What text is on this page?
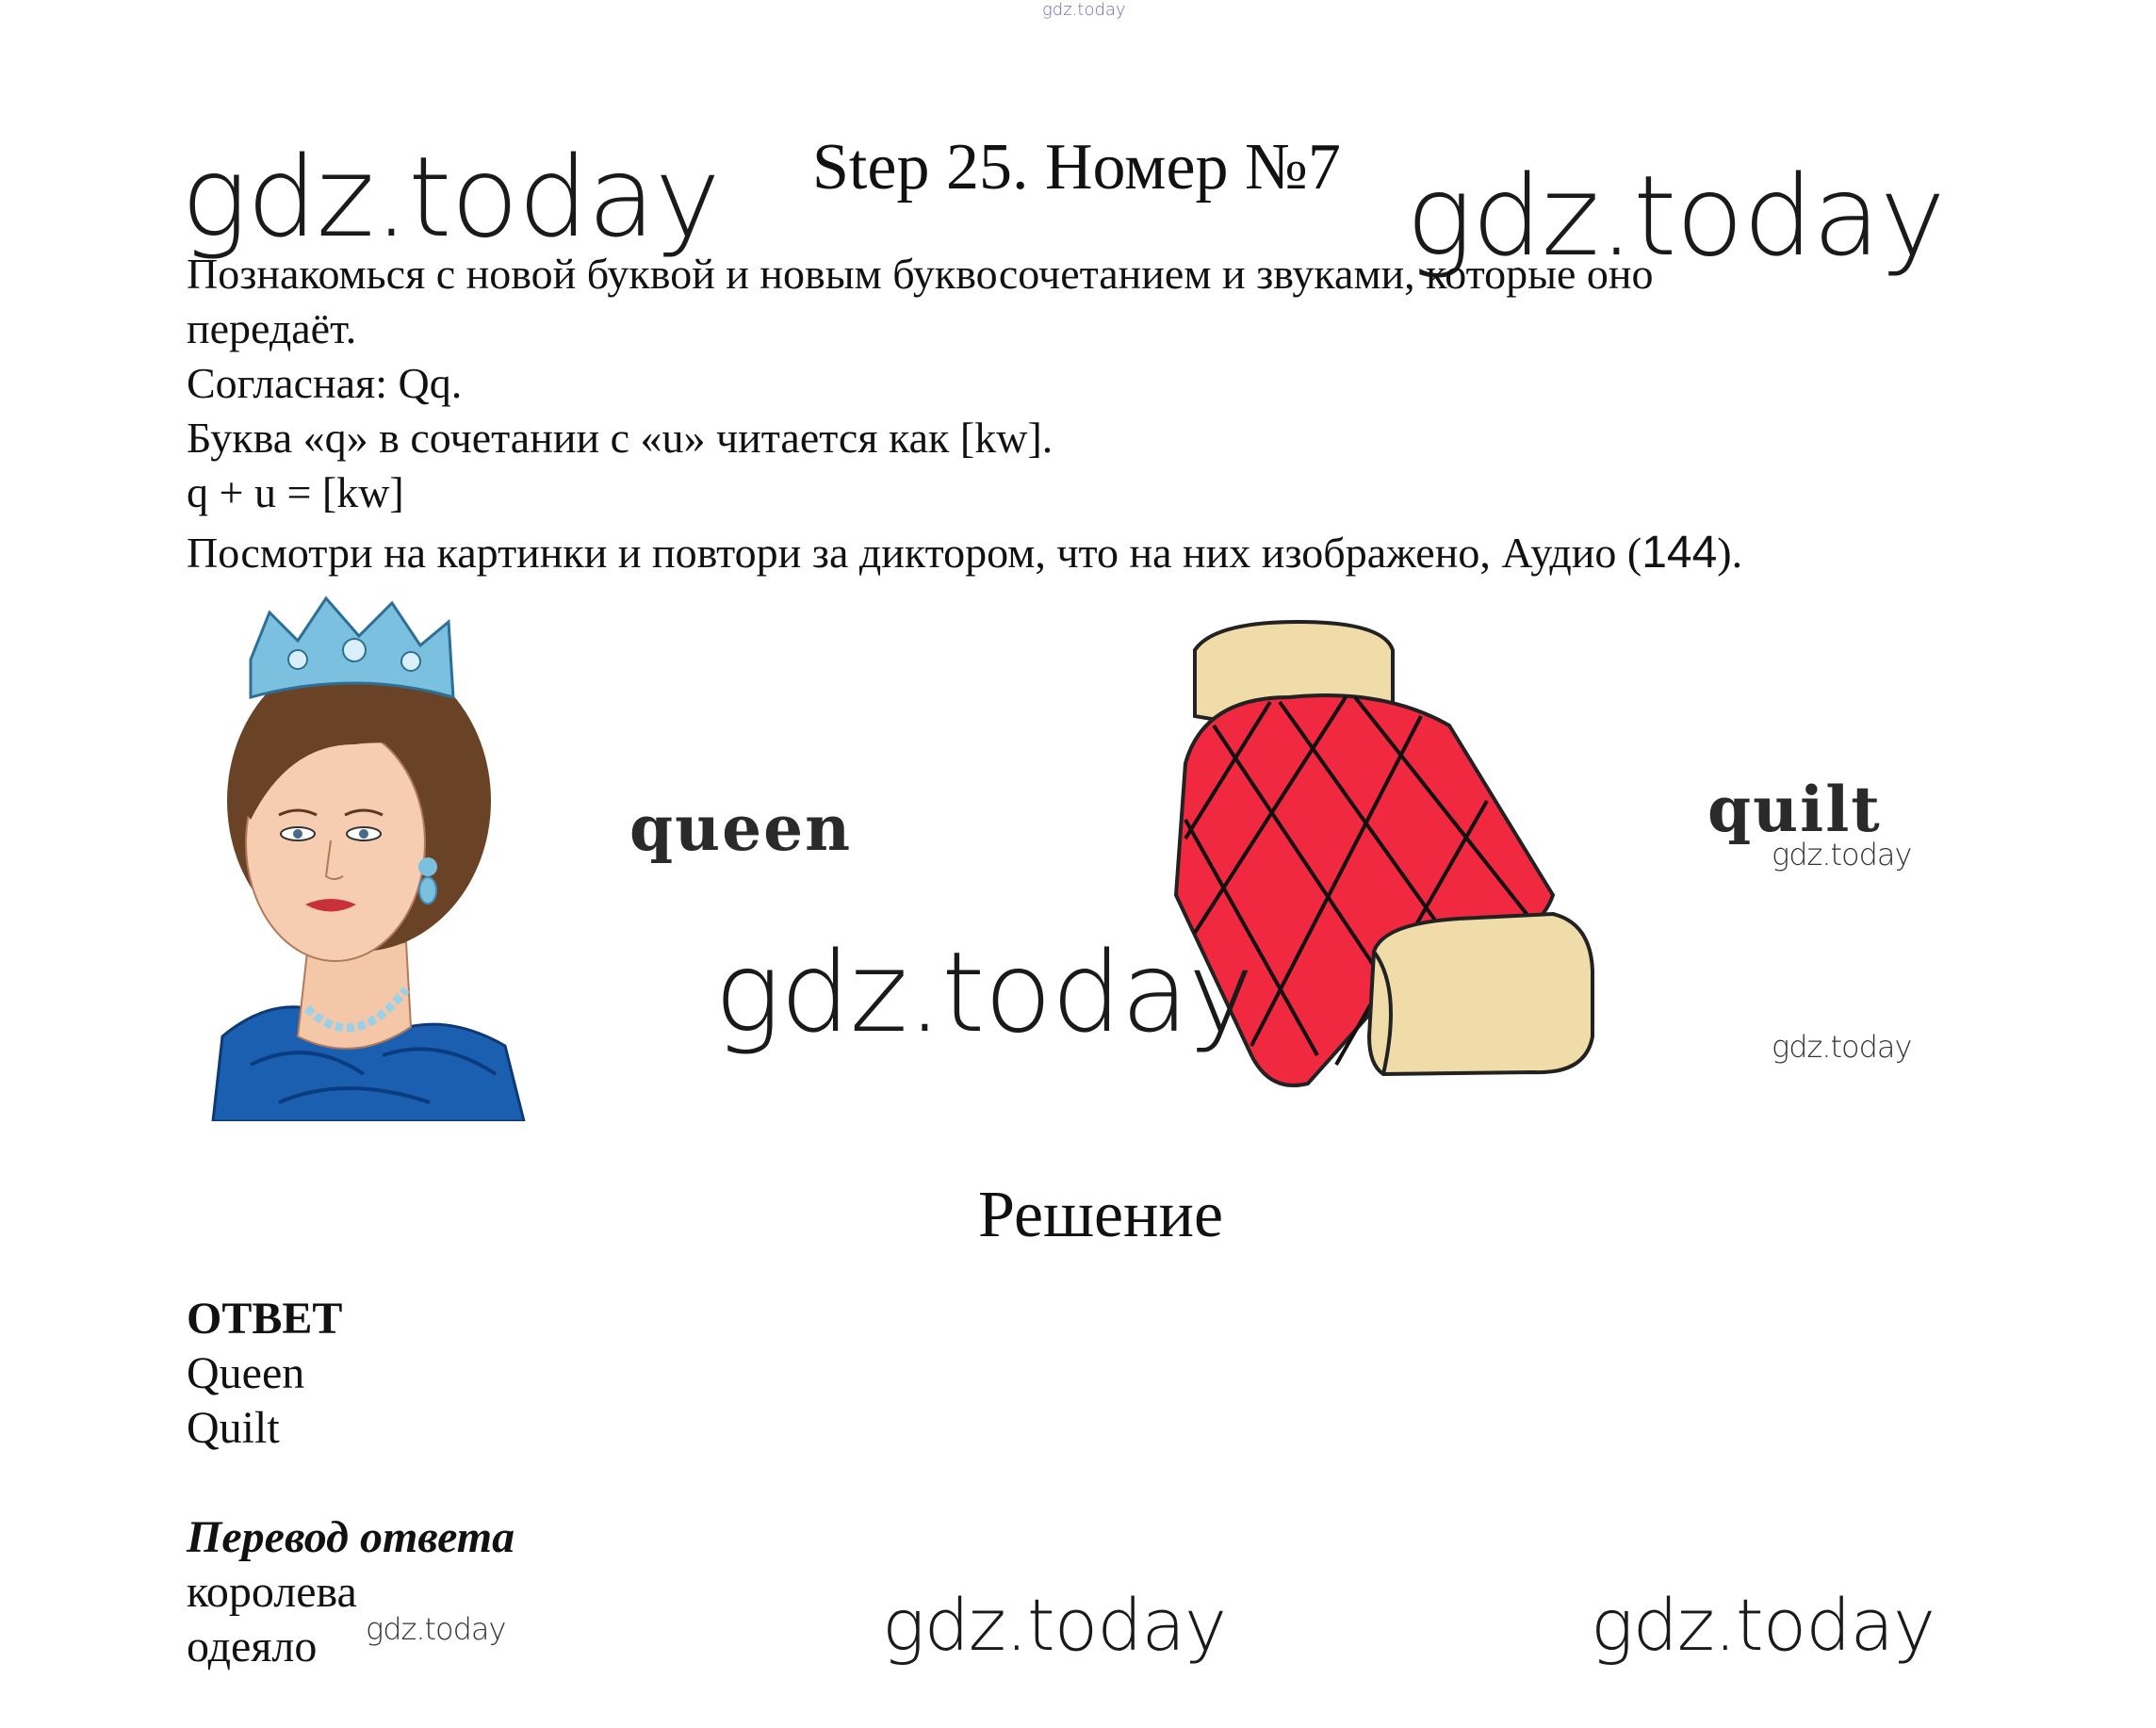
gdz.today
gdz.today	gdz.today
Step 25. Номер №7
Познакомься с новой буквой и новым буквосочетанием и звуками, которые оно
передаёт.
Согласная: Qq.
Буква «q» в сочетании с «u» читается как [kw].
q + u = [kw]
Посмотри на картинки и повтори за диктором, что на них изображено, Аудио (144).
queen	quilt
gdz.today
gdz.today	gdz.today
Решение
ОТВЕТ
Queen
Quilt
Перевод ответа
королева
одеяло gdz.today	gdz.today	gdz.today
